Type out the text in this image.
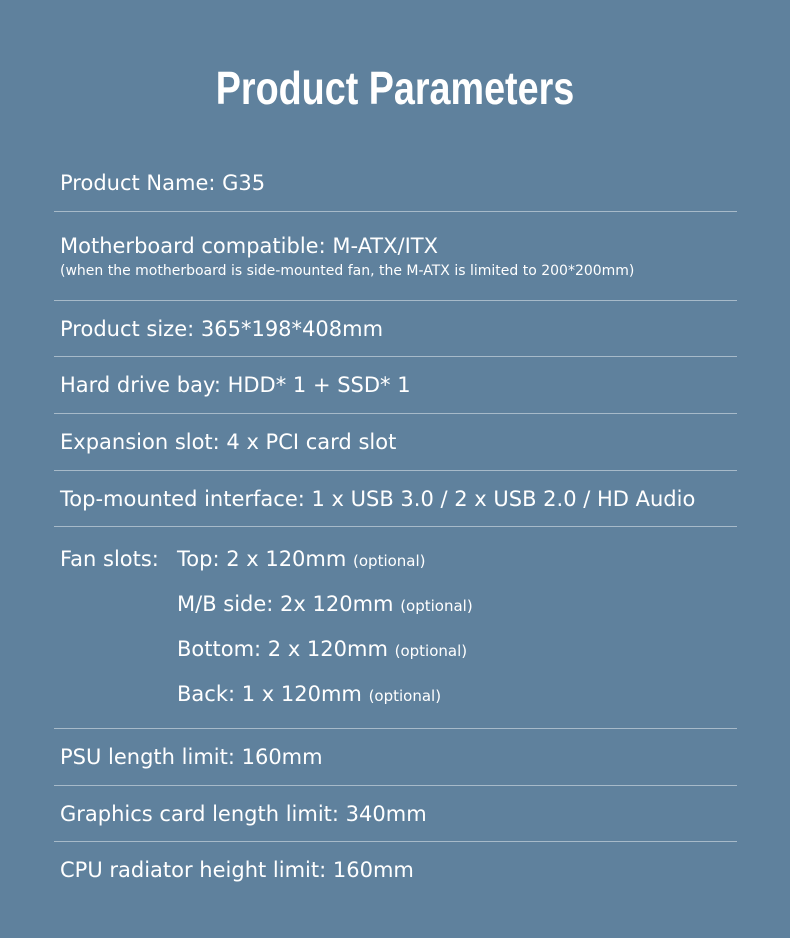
Product Parameters
Product Name: G35
Motherboard compatible: M-ATX/ITX
(when the motherboard is side-mounted fan, the M-ATX is limited to 200*200mm)
Product size: 365*198*408mm
Hard drive bay: HDD* 1 + SSD* 1
Expansion slot: 4 x PCI card slot
Top-mounted interface: 1 x USB 3.0 / 2 x USB 2.0 / HD Audio
Fan slots: Top: 2 x 120mm (optional)
M/B side: 2x 120mm (optional)
Bottom: 2 x 120mm (optional)
Back: 1 x 120mm (optional)
PSU length limit: 160mm
Graphics card length limit: 340mm
CPU radiator height limit: 160mm
